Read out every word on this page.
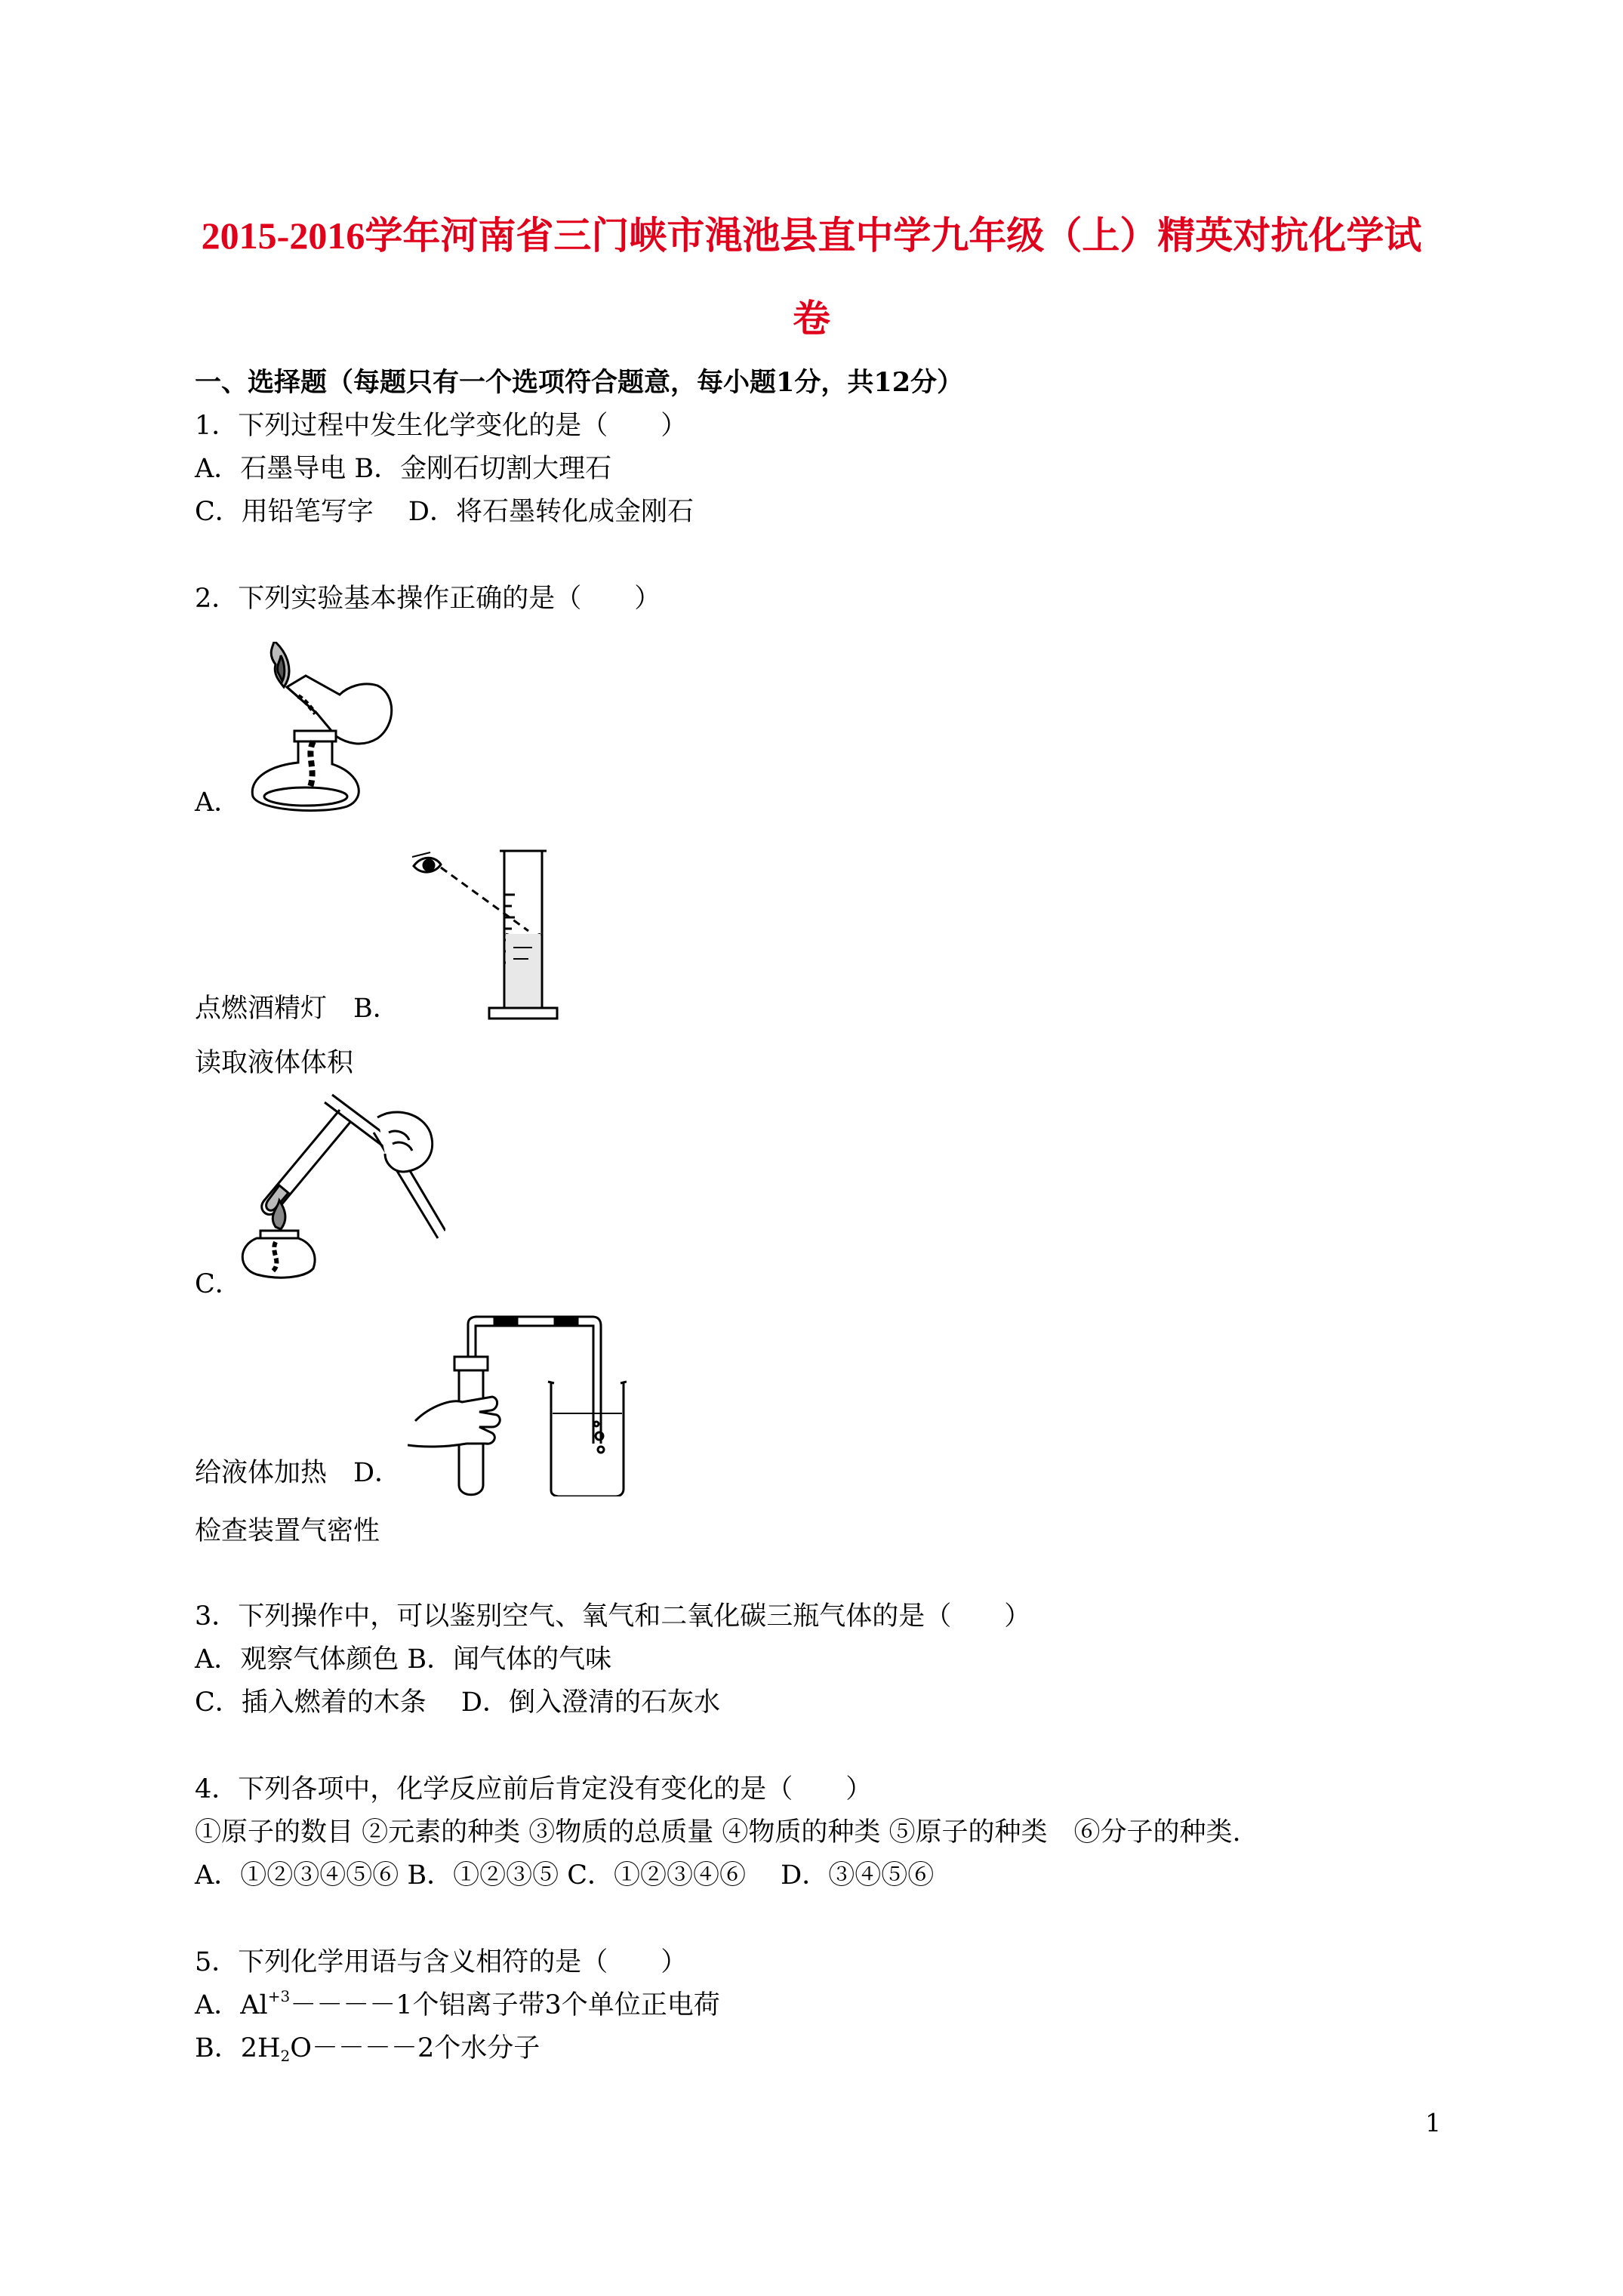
2015-2016学年河南省三门峡市渑池县直中学九年级（上）精英对抗化学试
卷
一、选择题（每题只有一个选项符合题意，每小题1分，共12分）
1．下列过程中发生化学变化的是（　　）
A．石墨导电 B．金刚石切割大理石
C．用铅笔写字　 D．将石墨转化成金刚石
2．下列实验基本操作正确的是（　　）
A．
点燃酒精灯　B．
读取液体体积
C．
给液体加热　D．
检查装置气密性
3．下列操作中，可以鉴别空气、氧气和二氧化碳三瓶气体的是（　　）
A．观察气体颜色 B．闻气体的气味
C．插入燃着的木条　 D．倒入澄清的石灰水
4．下列各项中，化学反应前后肯定没有变化的是（　　）
①原子的数目 ②元素的种类 ③物质的总质量 ④物质的种类 ⑤原子的种类　⑥分子的种类.
A．①②③④⑤⑥ B．①②③⑤ C．①②③④⑥　 D．③④⑤⑥
5．下列化学用语与含义相符的是（　　）
A．$Al^{+3}----1$个铝离子带3个单位正电荷
B．$2H_2O----2$个水分子
1
